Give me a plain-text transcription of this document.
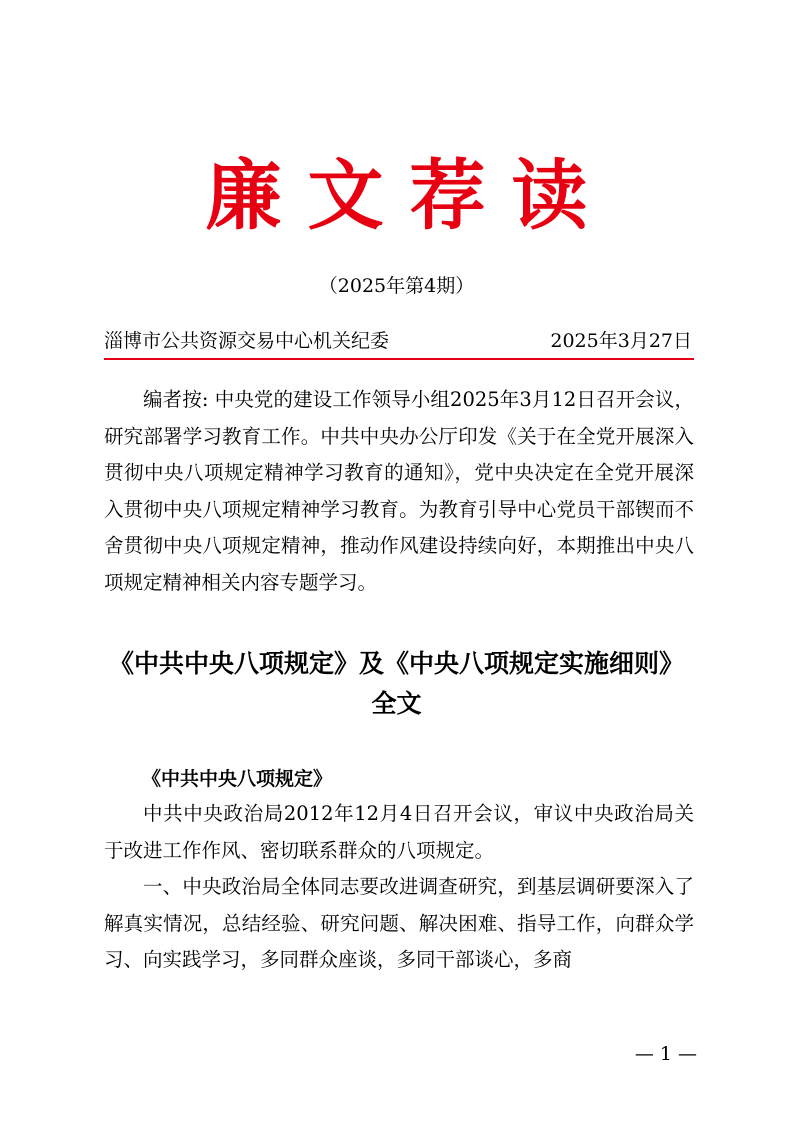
廉文荐读
（2025年第4期）
淄博市公共资源交易中心机关纪委	2025年3月27日

编者按: 中央党的建设工作领导小组2025年3月12日召开会议，研究部署学习教育工作。中共中央办公厅印发《关于在全党开展深入贯彻中央八项规定精神学习教育的通知》，党中央决定在全党开展深入贯彻中央八项规定精神学习教育。为教育引导中心党员干部锲而不舍贯彻中央八项规定精神，推动作风建设持续向好，本期推出中央八项规定精神相关内容专题学习。

《中共中央八项规定》及《中央八项规定实施细则》
全文

《中共中央八项规定》

中共中央政治局2012年12月4日召开会议，审议中央政治局关于改进工作作风、密切联系群众的八项规定。

一、中央政治局全体同志要改进调查研究，到基层调研要深入了解真实情况，总结经验、研究问题、解决困难、指导工作，向群众学习、向实践学习，多同群众座谈，多同干部谈心，多商

— 1 —
